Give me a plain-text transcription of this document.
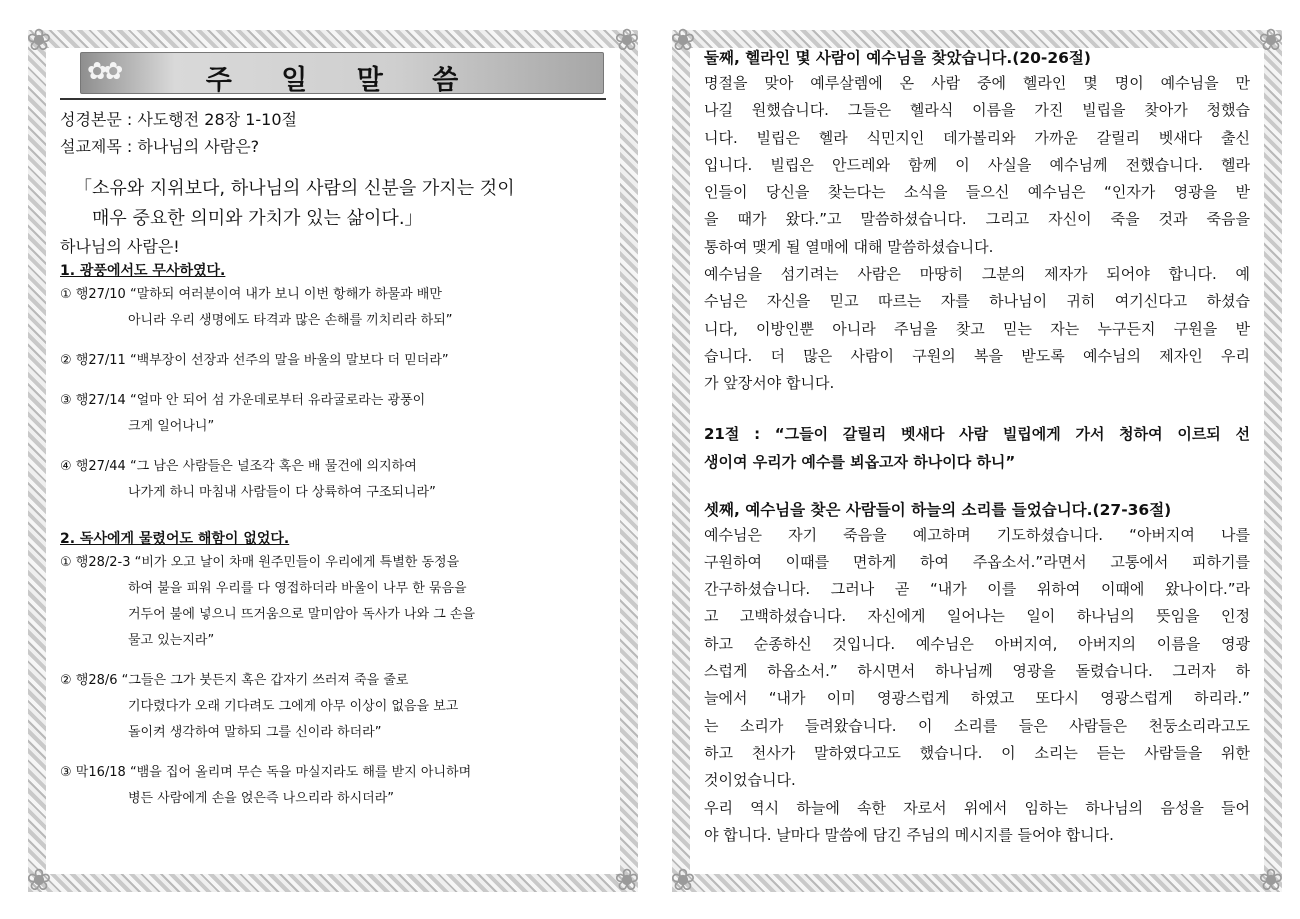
❀	❀
❀	❀
✿✿	주 일 말 씀
성경본문 : 사도행전 28장 1-10절
설교제목 : 하나님의 사람은?
「소유와 지위보다, 하나님의 사람의 신분을 가지는 것이
매우 중요한 의미와 가치가 있는 삶이다.」
하나님의 사람은!
1. 광풍에서도 무사하였다.
① 행27/10 “말하되 여러분이여 내가 보니 이번 항해가 하물과 배만
아니라 우리 생명에도 타격과 많은 손해를 끼치리라 하되”
② 행27/11 “백부장이 선장과 선주의 말을 바울의 말보다 더 믿더라”
③ 행27/14 “얼마 안 되어 섬 가운데로부터 유라굴로라는 광풍이
크게 일어나니”
④ 행27/44 “그 남은 사람들은 널조각 혹은 배 물건에 의지하여
나가게 하니 마침내 사람들이 다 상륙하여 구조되니라”
2. 독사에게 물렸어도 해함이 없었다.
① 행28/2-3 “비가 오고 날이 차매 원주민들이 우리에게 특별한 동정을
하여 불을 피워 우리를 다 영접하더라 바울이 나무 한 묶음을
거두어 불에 넣으니 뜨거움으로 말미암아 독사가 나와 그 손을
물고 있는지라”
② 행28/6 “그들은 그가 붓든지 혹은 갑자기 쓰러져 죽을 줄로
기다렸다가 오래 기다려도 그에게 아무 이상이 없음을 보고
돌이켜 생각하여 말하되 그를 신이라 하더라”
③ 막16/18 “뱀을 집어 올리며 무슨 독을 마실지라도 해를 받지 아니하며
병든 사람에게 손을 얹은즉 나으리라 하시더라”
❀	❀
❀	❀
둘째, 헬라인 몇 사람이 예수님을 찾았습니다.(20-26절)
명절을 맞아 예루살렘에 온 사람 중에 헬라인 몇 명이 예수님을 만
나길 원했습니다. 그들은 헬라식 이름을 가진 빌립을 찾아가 청했습
니다. 빌립은 헬라 식민지인 데가볼리와 가까운 갈릴리 벳새다 출신
입니다. 빌립은 안드레와 함께 이 사실을 예수님께 전했습니다. 헬라
인들이 당신을 찾는다는 소식을 들으신 예수님은 “인자가 영광을 받
을 때가 왔다.”고 말씀하셨습니다. 그리고 자신이 죽을 것과 죽음을
통하여 맺게 될 열매에 대해 말씀하셨습니다.
예수님을 섬기려는 사람은 마땅히 그분의 제자가 되어야 합니다. 예
수님은 자신을 믿고 따르는 자를 하나님이 귀히 여기신다고 하셨습
니다, 이방인뿐 아니라 주님을 찾고 믿는 자는 누구든지 구원을 받
습니다. 더 많은 사람이 구원의 복을 받도록 예수님의 제자인 우리
가 앞장서야 합니다.
21절 : “그들이 갈릴리 벳새다 사람 빌립에게 가서 청하여 이르되 선
생이여 우리가 예수를 뵈옵고자 하나이다 하니”
셋째, 예수님을 찾은 사람들이 하늘의 소리를 들었습니다.(27-36절)
예수님은 자기 죽음을 예고하며 기도하셨습니다. “아버지여 나를
구원하여 이때를 면하게 하여 주옵소서.”라면서 고통에서 피하기를
간구하셨습니다. 그러나 곧 “내가 이를 위하여 이때에 왔나이다.”라
고 고백하셨습니다. 자신에게 일어나는 일이 하나님의 뜻임을 인정
하고 순종하신 것입니다. 예수님은 아버지여, 아버지의 이름을 영광
스럽게 하옵소서.” 하시면서 하나님께 영광을 돌렸습니다. 그러자 하
늘에서 “내가 이미 영광스럽게 하였고 또다시 영광스럽게 하리라.”
는 소리가 들려왔습니다. 이 소리를 들은 사람들은 천둥소리라고도
하고 천사가 말하였다고도 했습니다. 이 소리는 듣는 사람들을 위한
것이었습니다.
우리 역시 하늘에 속한 자로서 위에서 임하는 하나님의 음성을 들어
야 합니다. 날마다 말씀에 담긴 주님의 메시지를 들어야 합니다.
